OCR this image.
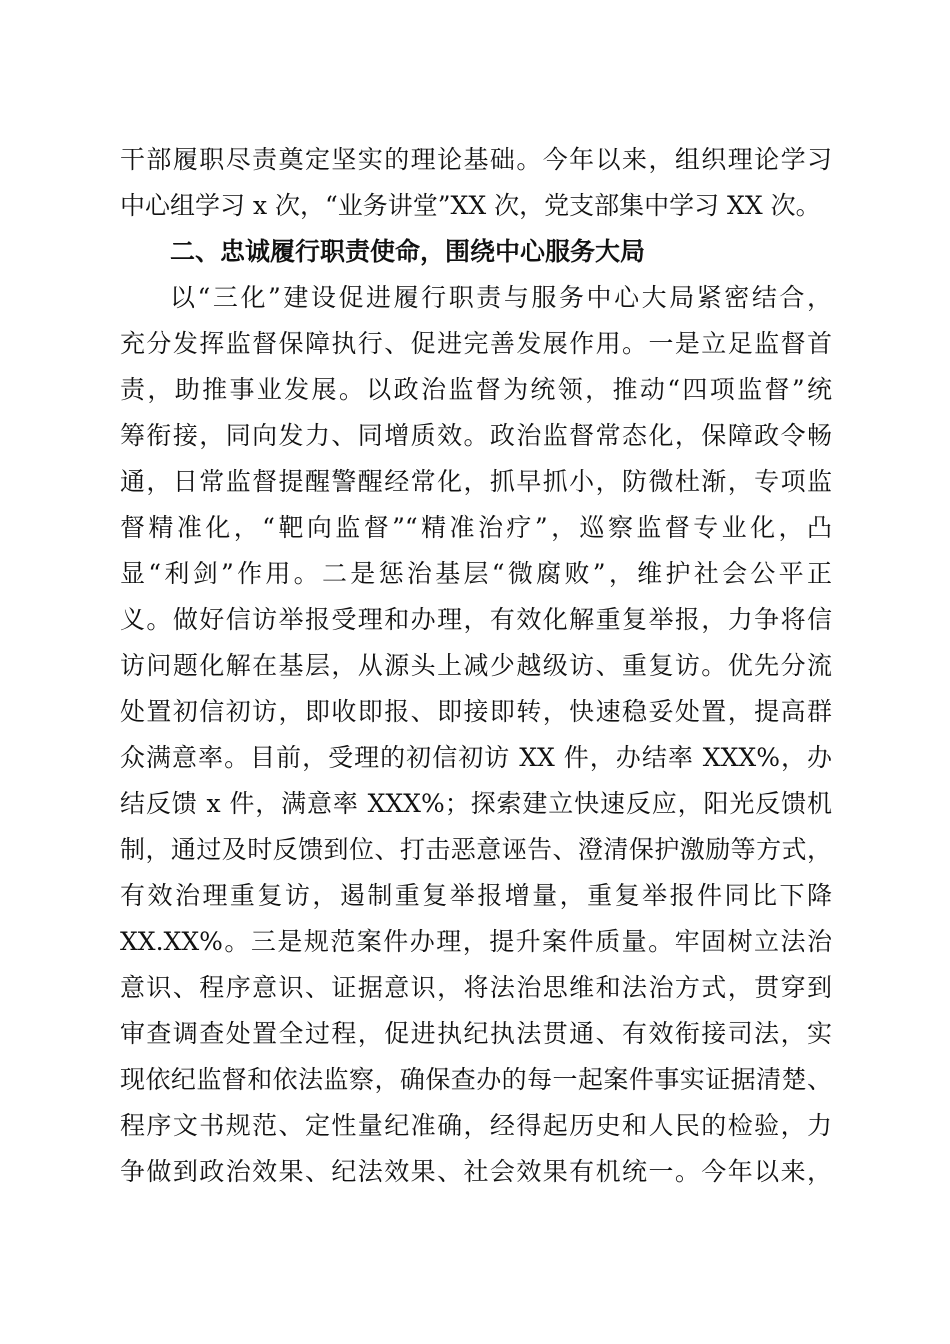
干部履职尽责奠定坚实的理论基础。今年以来，组织理论学习
中心组学习 x 次，“业务讲堂”XX 次，党支部集中学习 XX 次。
二、忠诚履行职责使命，围绕中心服务大局
以“三化”建设促进履行职责与服务中心大局紧密结合，
充分发挥监督保障执行、促进完善发展作用。一是立足监督首
责，助推事业发展。以政治监督为统领，推动“四项监督”统
筹衔接，同向发力、同增质效。政治监督常态化，保障政令畅
通，日常监督提醒警醒经常化，抓早抓小，防微杜渐，专项监
督精准化，“靶向监督”“精准治疗”，巡察监督专业化，凸
显“利剑”作用。二是惩治基层“微腐败”，维护社会公平正
义。做好信访举报受理和办理，有效化解重复举报，力争将信
访问题化解在基层，从源头上减少越级访、重复访。优先分流
处置初信初访，即收即报、即接即转，快速稳妥处置，提高群
众满意率。目前，受理的初信初访 XX 件，办结率 XXX%，办
结反馈 x 件，满意率 XXX%；探索建立快速反应，阳光反馈机
制，通过及时反馈到位、打击恶意诬告、澄清保护激励等方式，
有效治理重复访，遏制重复举报增量，重复举报件同比下降
XX.XX%。三是规范案件办理，提升案件质量。牢固树立法治
意识、程序意识、证据意识，将法治思维和法治方式，贯穿到
审查调查处置全过程，促进执纪执法贯通、有效衔接司法，实
现依纪监督和依法监察，确保查办的每一起案件事实证据清楚、
程序文书规范、定性量纪准确，经得起历史和人民的检验，力
争做到政治效果、纪法效果、社会效果有机统一。今年以来，
